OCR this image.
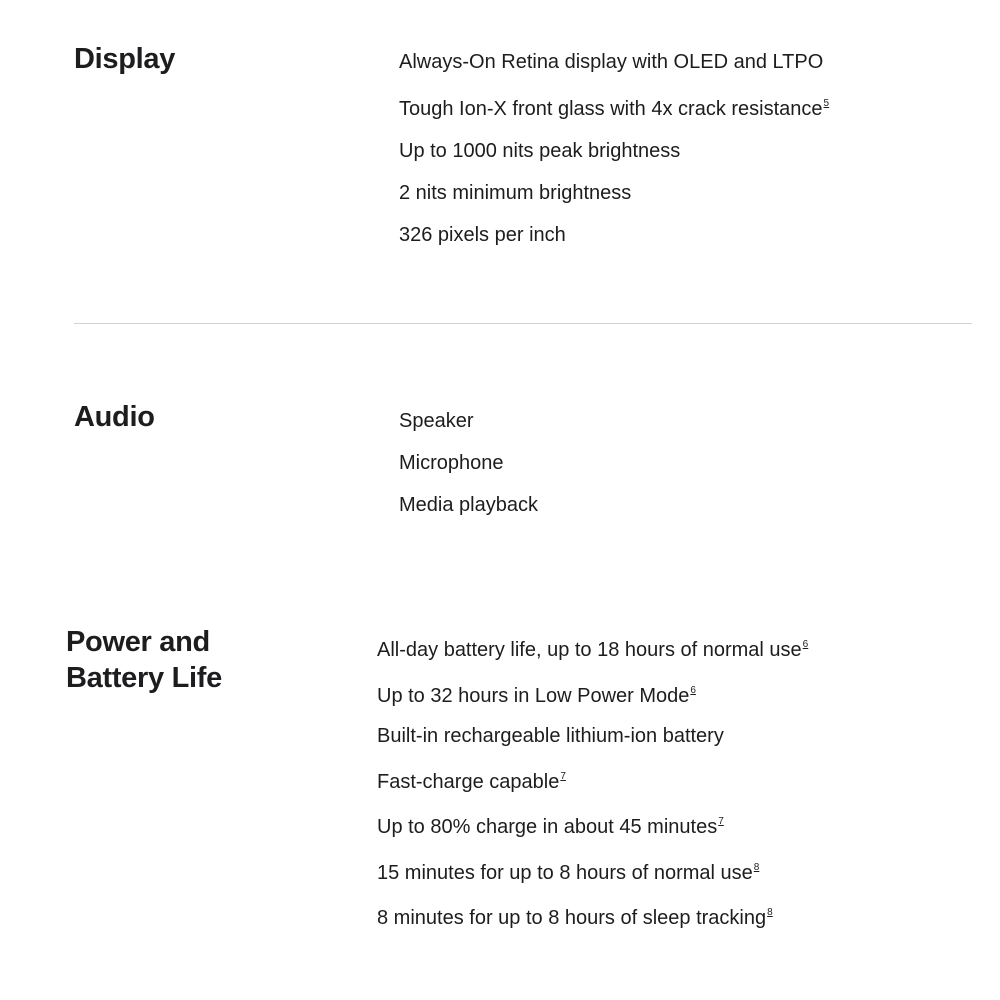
Display	Always-On Retina display with OLED and LTPO
Tough Ion-X front glass with 4x crack resistance$^5$
Up to 1000 nits peak brightness
2 nits minimum brightness
326 pixels per inch
Audio	Speaker
Microphone
Media playback
Power and
Battery Life
All-day battery life, up to 18 hours of normal use$^6$
Up to 32 hours in Low Power Mode$^6$
Built-in rechargeable lithium-ion battery
Fast-charge capable$^7$
Up to 80% charge in about 45 minutes$^7$
15 minutes for up to 8 hours of normal use$^8$
8 minutes for up to 8 hours of sleep tracking$^8$
